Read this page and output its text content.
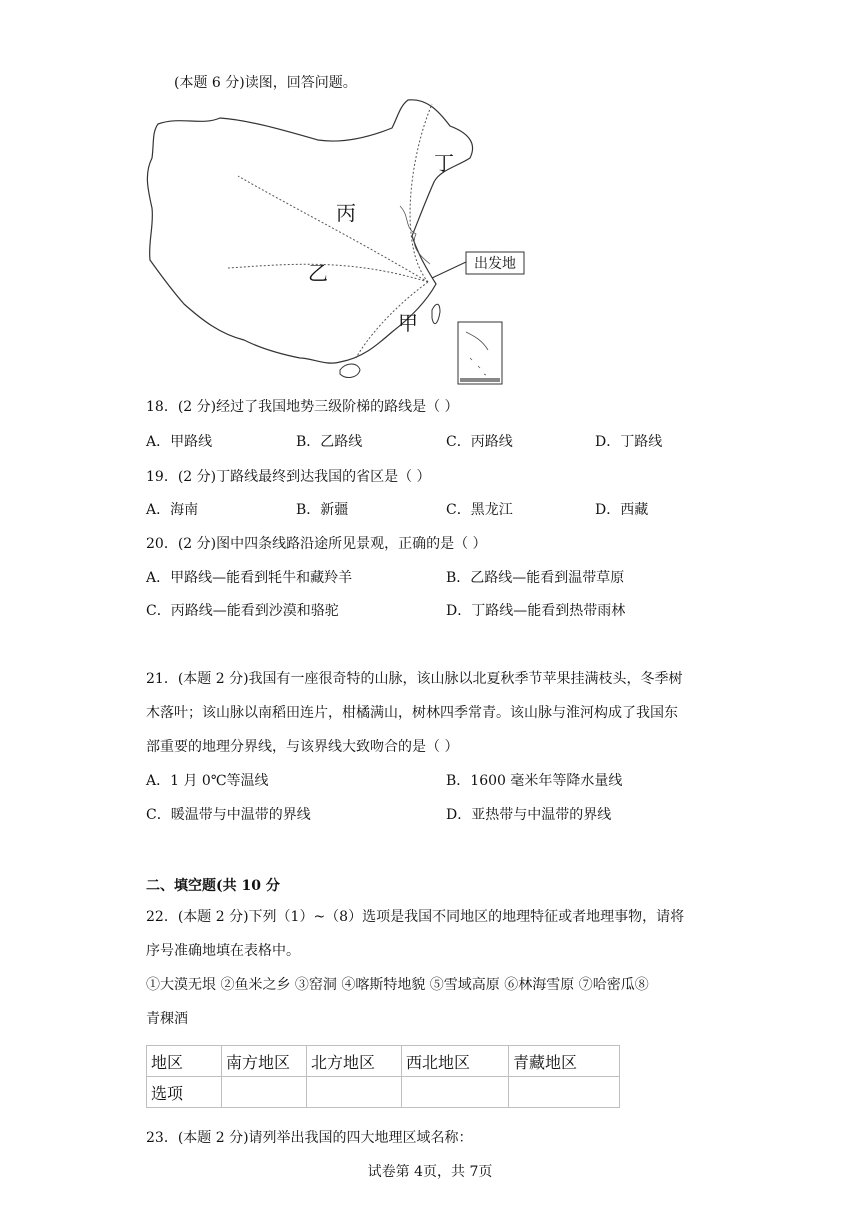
(本题 6 分)读图，回答问题。
丁
丙
乙
甲
出发地
18．(2 分)经过了我国地势三级阶梯的路线是（ ）
A．甲路线	B．乙路线	C．丙路线	D．丁路线
19．(2 分)丁路线最终到达我国的省区是（ ）
A．海南	B．新疆	C．黑龙江	D．西藏
20．(2 分)图中四条线路沿途所见景观，正确的是（ ）
A．甲路线—能看到牦牛和藏羚羊	B．乙路线—能看到温带草原
C．丙路线—能看到沙漠和骆驼	D．丁路线—能看到热带雨林
21．(本题 2 分)我国有一座很奇特的山脉，该山脉以北夏秋季节苹果挂满枝头，冬季树
木落叶；该山脉以南稻田连片，柑橘满山，树林四季常青。该山脉与淮河构成了我国东
部重要的地理分界线，与该界线大致吻合的是（ ）
A．1 月 0℃等温线	B．1600 毫米年等降水量线
C．暖温带与中温带的界线	D．亚热带与中温带的界线
二、填空题(共 10 分
22．(本题 2 分)下列（1）~（8）选项是我国不同地区的地理特征或者地理事物，请将
序号准确地填在表格中。
①大漠无垠 ②鱼米之乡 ③窑洞 ④喀斯特地貌 ⑤雪域高原 ⑥林海雪原 ⑦哈密瓜⑧
青稞酒
地区	南方地区	北方地区	西北地区	青藏地区
选项				
23．(本题 2 分)请列举出我国的四大地理区域名称：
试卷第 4页，共 7页
